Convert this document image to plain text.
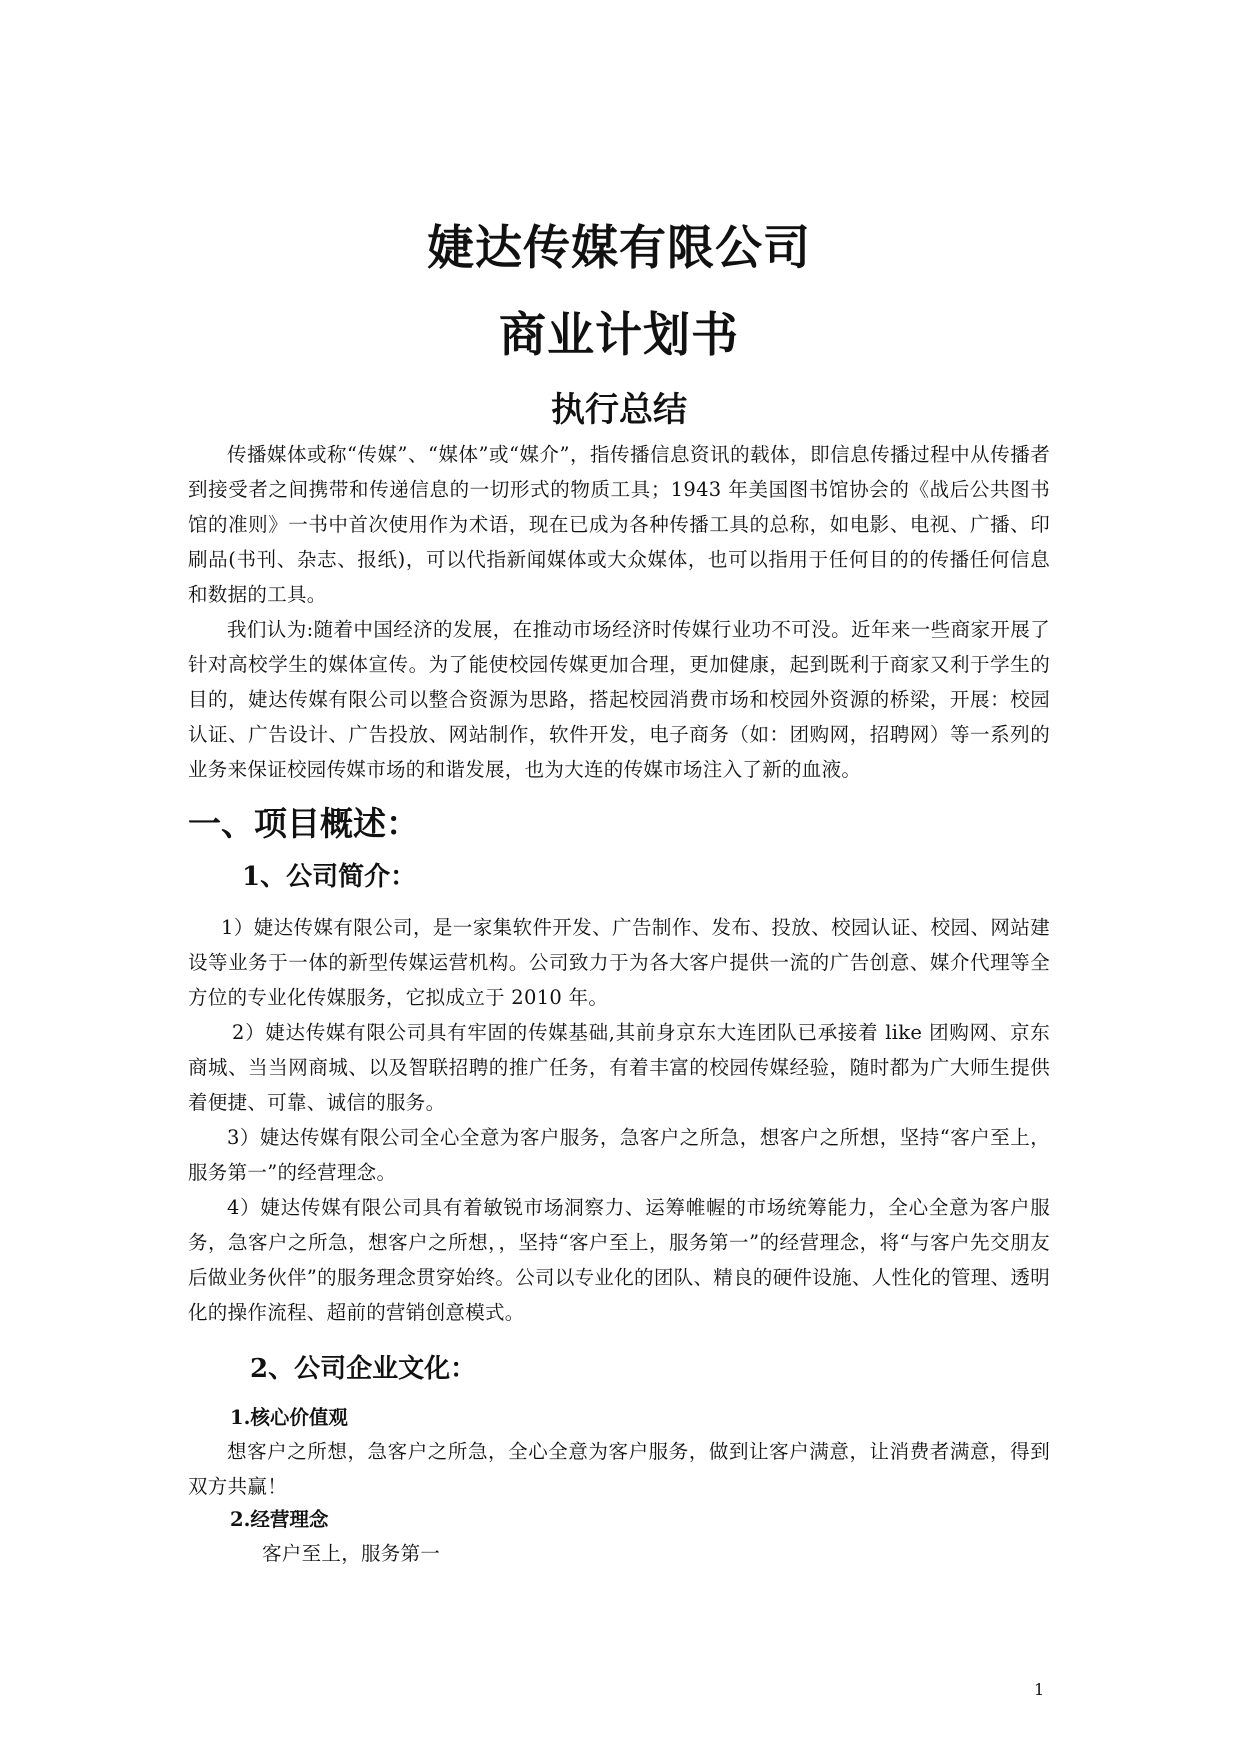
婕达传媒有限公司
商业计划书
执行总结

传播媒体或称“传媒”、“媒体”或“媒介”，指传播信息资讯的载体，即信息传播过程中从传播者到接受者之间携带和传递信息的一切形式的物质工具；1943 年美国图书馆协会的《战后公共图书馆的准则》一书中首次使用作为术语，现在已成为各种传播工具的总称，如电影、电视、广播、印刷品(书刊、杂志、报纸)，可以代指新闻媒体或大众媒体，也可以指用于任何目的的传播任何信息和数据的工具。

我们认为:随着中国经济的发展，在推动市场经济时传媒行业功不可没。近年来一些商家开展了针对高校学生的媒体宣传。为了能使校园传媒更加合理，更加健康，起到既利于商家又利于学生的目的，婕达传媒有限公司以整合资源为思路，搭起校园消费市场和校园外资源的桥梁，开展：校园认证、广告设计、广告投放、网站制作，软件开发，电子商务（如：团购网，招聘网）等一系列的业务来保证校园传媒市场的和谐发展，也为大连的传媒市场注入了新的血液。

一、项目概述：
1、公司简介：

1）婕达传媒有限公司，是一家集软件开发、广告制作、发布、投放、校园认证、校园、网站建设等业务于一体的新型传媒运营机构。公司致力于为各大客户提供一流的广告创意、媒介代理等全方位的专业化传媒服务，它拟成立于 2010 年。

2）婕达传媒有限公司具有牢固的传媒基础,其前身京东大连团队已承接着 like 团购网、京东商城、当当网商城、以及智联招聘的推广任务，有着丰富的校园传媒经验，随时都为广大师生提供着便捷、可靠、诚信的服务。

3）婕达传媒有限公司全心全意为客户服务，急客户之所急，想客户之所想，坚持“客户至上，服务第一”的经营理念。

4）婕达传媒有限公司具有着敏锐市场洞察力、运筹帷幄的市场统筹能力，全心全意为客户服务，急客户之所急，想客户之所想，，坚持“客户至上，服务第一”的经营理念，将“与客户先交朋友后做业务伙伴”的服务理念贯穿始终。公司以专业化的团队、精良的硬件设施、人性化的管理、透明化的操作流程、超前的营销创意模式。

2、公司企业文化：
1.核心价值观

想客户之所想，急客户之所急，全心全意为客户服务，做到让客户满意，让消费者满意，得到双方共赢！

2.经营理念

客户至上，服务第一

1
